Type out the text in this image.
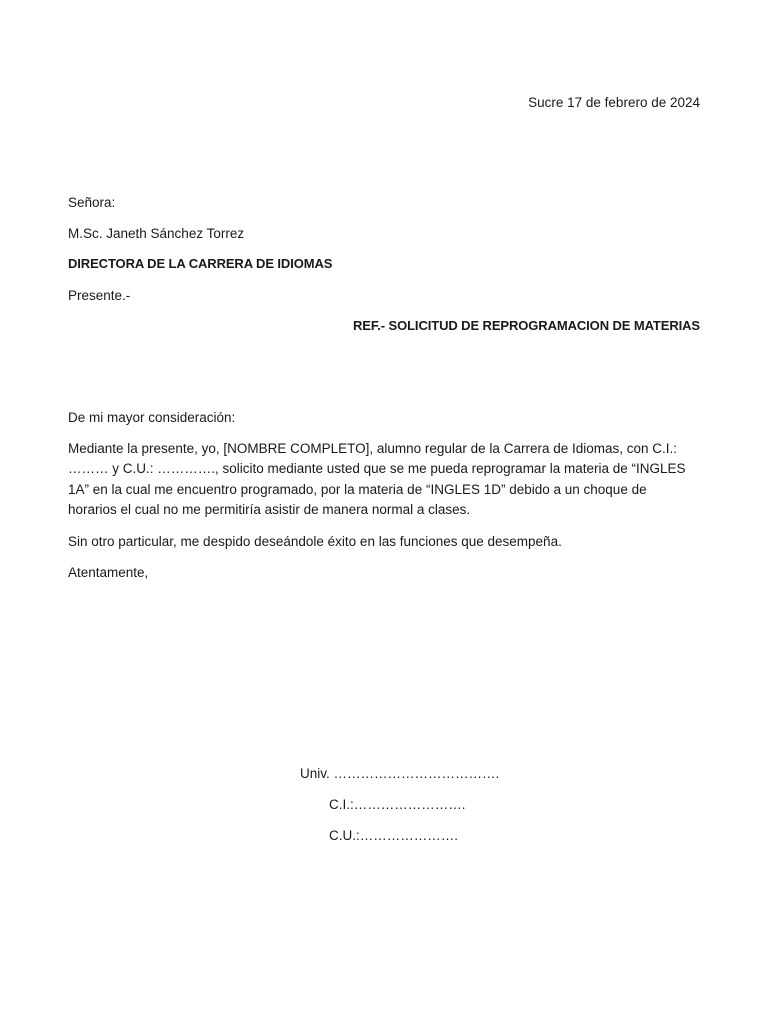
Sucre 17 de febrero de 2024
Señora:
M.Sc. Janeth Sánchez Torrez
DIRECTORA DE LA CARRERA DE IDIOMAS
Presente.-
REF.- SOLICITUD DE REPROGRAMACION DE MATERIAS
De mi mayor consideración:
Mediante la presente, yo, [NOMBRE COMPLETO], alumno regular de la Carrera de Idiomas, con C.I.:
……… y C.U.: …………., solicito mediante usted que se me pueda reprogramar la materia de “INGLES
1A” en la cual me encuentro programado, por la materia de “INGLES 1D” debido a un choque de
horarios el cual no me permitiría asistir de manera normal a clases.
Sin otro particular, me despido deseándole éxito en las funciones que desempeña.
Atentamente,
Univ. ……………………………….
C.I.:…………………….
C.U.:………………….
